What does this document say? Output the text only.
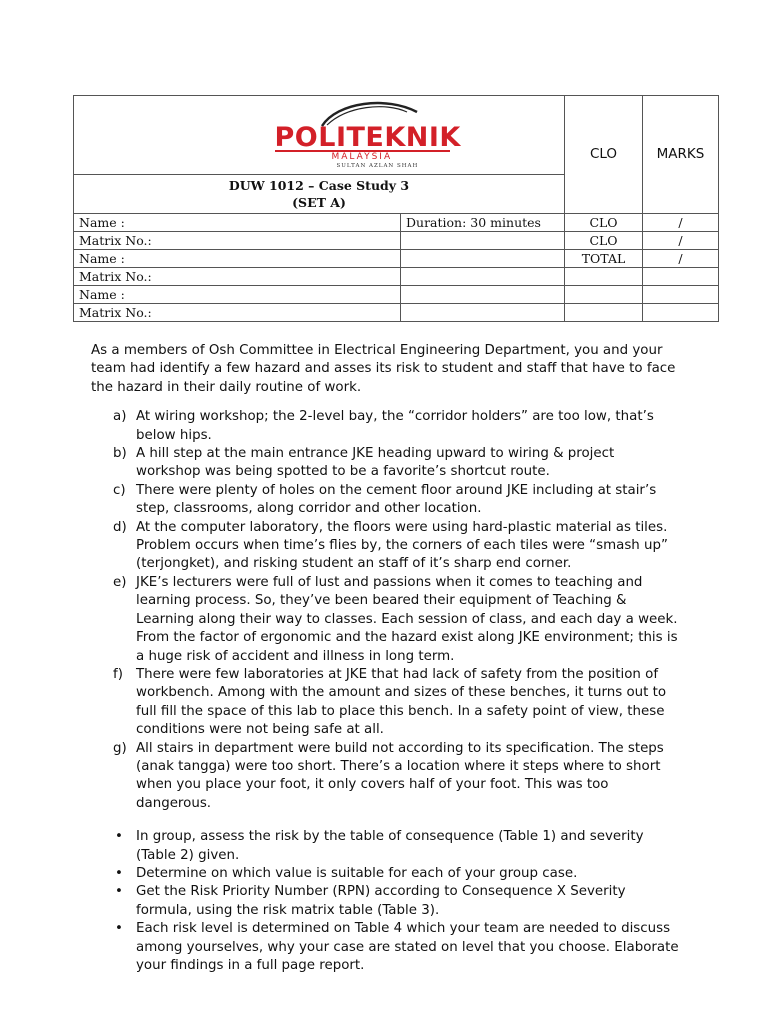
POLITEKNIK
MALAYSIA
SULTAN AZLAN SHAH		CLO	MARKS

DUW 1012 – Case Study 3
(SET A)			

Name :	Duration: 30 minutes	CLO	/
Matrix No.:		CLO	/
Name :		TOTAL	/
Matrix No.:			
Name :			
Matrix No.:			

As a members of Osh Committee in Electrical Engineering Department, you and your team had identify a few hazard and asses its risk to student and staff that have to face the hazard in their daily routine of work.

a) At wiring workshop; the 2-level bay, the “corridor holders” are too low, that’s below hips.
b) A hill step at the main entrance JKE heading upward to wiring & project workshop was being spotted to be a favorite’s shortcut route.
c) There were plenty of holes on the cement floor around JKE including at stair’s step, classrooms, along corridor and other location.
d) At the computer laboratory, the floors were using hard-plastic material as tiles. Problem occurs when time’s flies by, the corners of each tiles were “smash up” (terjongket), and risking student an staff of it’s sharp end corner.
e) JKE’s lecturers were full of lust and passions when it comes to teaching and learning process. So, they’ve been beared their equipment of Teaching & Learning along their way to classes. Each session of class, and each day a week. From the factor of ergonomic and the hazard exist along JKE environment; this is a huge risk of accident and illness in long term.
f) There were few laboratories at JKE that had lack of safety from the position of workbench. Among with the amount and sizes of these benches, it turns out to full fill the space of this lab to place this bench. In a safety point of view, these conditions were not being safe at all.
g) All stairs in department were build not according to its specification. The steps (anak tangga) were too short. There’s a location where it steps where to short when you place your foot, it only covers half of your foot. This was too dangerous.
• In group, assess the risk by the table of consequence (Table 1) and severity (Table 2) given.
• Determine on which value is suitable for each of your group case.
• Get the Risk Priority Number (RPN) according to Consequence X Severity formula, using the risk matrix table (Table 3).
• Each risk level is determined on Table 4 which your team are needed to discuss among yourselves, why your case are stated on level that you choose. Elaborate your findings in a full page report.
